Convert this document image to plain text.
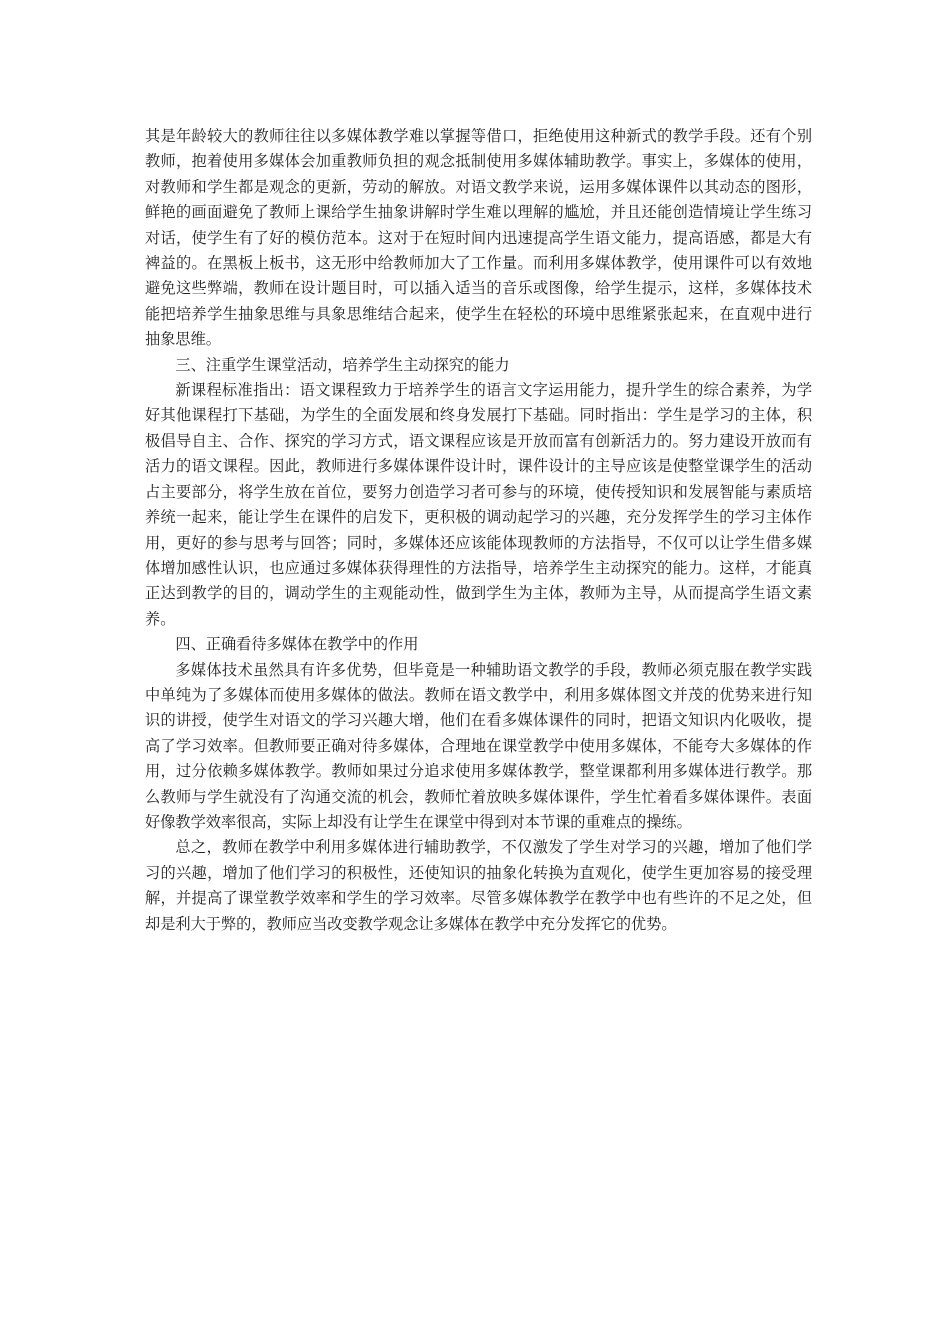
其是年龄较大的教师往往以多媒体教学难以掌握等借口，拒绝使用这种新式的教学手段。还有个别教师，抱着使用多媒体会加重教师负担的观念抵制使用多媒体辅助教学。事实上，多媒体的使用，对教师和学生都是观念的更新，劳动的解放。对语文教学来说，运用多媒体课件以其动态的图形，鲜艳的画面避免了教师上课给学生抽象讲解时学生难以理解的尴尬，并且还能创造情境让学生练习对话，使学生有了好的模仿范本。这对于在短时间内迅速提高学生语文能力，提高语感，都是大有裨益的。在黑板上板书，这无形中给教师加大了工作量。而利用多媒体教学，使用课件可以有效地避免这些弊端，教师在设计题目时，可以插入适当的音乐或图像，给学生提示，这样，多媒体技术能把培养学生抽象思维与具象思维结合起来，使学生在轻松的环境中思维紧张起来，在直观中进行抽象思维。

三、注重学生课堂活动，培养学生主动探究的能力

新课程标准指出：语文课程致力于培养学生的语言文字运用能力，提升学生的综合素养，为学好其他课程打下基础，为学生的全面发展和终身发展打下基础。同时指出：学生是学习的主体，积极倡导自主、合作、探究的学习方式，语文课程应该是开放而富有创新活力的。努力建设开放而有活力的语文课程。因此，教师进行多媒体课件设计时，课件设计的主导应该是使整堂课学生的活动占主要部分，将学生放在首位，要努力创造学习者可参与的环境，使传授知识和发展智能与素质培养统一起来，能让学生在课件的启发下，更积极的调动起学习的兴趣，充分发挥学生的学习主体作用，更好的参与思考与回答；同时，多媒体还应该能体现教师的方法指导，不仅可以让学生借多媒体增加感性认识，也应通过多媒体获得理性的方法指导，培养学生主动探究的能力。这样，才能真正达到教学的目的，调动学生的主观能动性，做到学生为主体，教师为主导，从而提高学生语文素养。

四、正确看待多媒体在教学中的作用

多媒体技术虽然具有许多优势，但毕竟是一种辅助语文教学的手段，教师必须克服在教学实践中单纯为了多媒体而使用多媒体的做法。教师在语文教学中，利用多媒体图文并茂的优势来进行知识的讲授，使学生对语文的学习兴趣大增，他们在看多媒体课件的同时，把语文知识内化吸收，提高了学习效率。但教师要正确对待多媒体，合理地在课堂教学中使用多媒体，不能夸大多媒体的作用，过分依赖多媒体教学。教师如果过分追求使用多媒体教学，整堂课都利用多媒体进行教学。那么教师与学生就没有了沟通交流的机会，教师忙着放映多媒体课件，学生忙着看多媒体课件。表面好像教学效率很高，实际上却没有让学生在课堂中得到对本节课的重难点的操练。

总之，教师在教学中利用多媒体进行辅助教学，不仅激发了学生对学习的兴趣，增加了他们学习的兴趣，增加了他们学习的积极性，还使知识的抽象化转换为直观化，使学生更加容易的接受理解，并提高了课堂教学效率和学生的学习效率。尽管多媒体教学在教学中也有些许的不足之处，但却是利大于弊的，教师应当改变教学观念让多媒体在教学中充分发挥它的优势。
